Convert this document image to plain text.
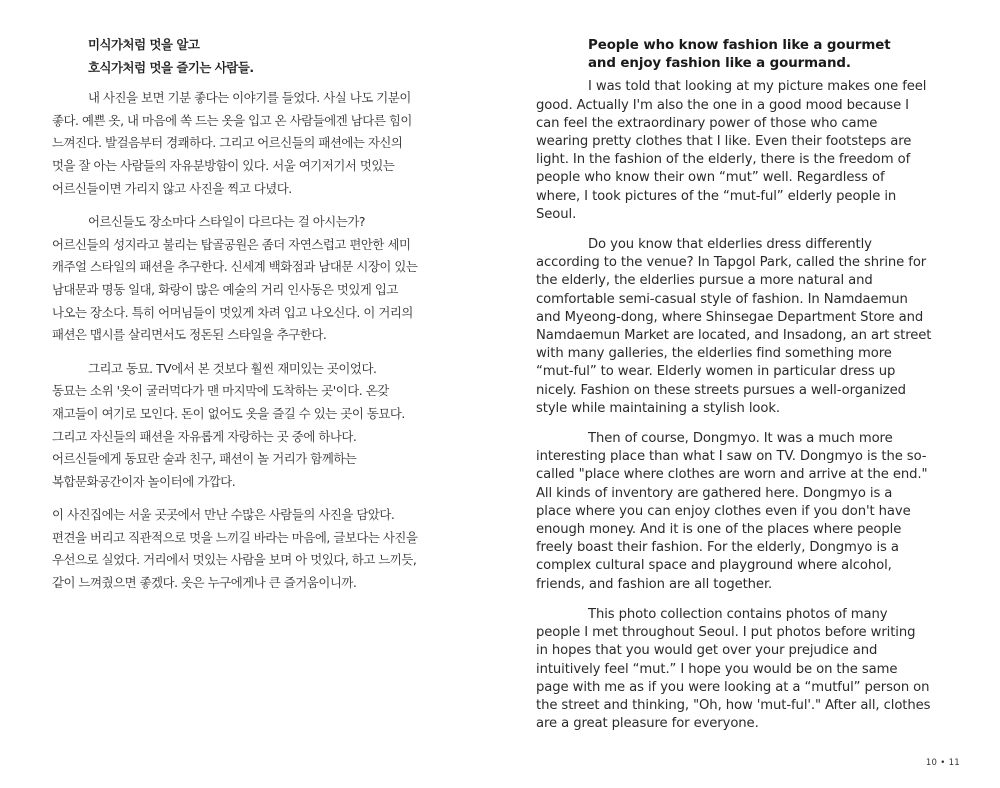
미식가처럼 멋을 알고
호식가처럼 멋을 즐기는 사람들.
내 사진을 보면 기분 좋다는 이야기를 들었다. 사실 나도 기분이
좋다. 예쁜 옷, 내 마음에 쏙 드는 옷을 입고 온 사람들에겐 남다른 힘이
느껴진다. 발걸음부터 경쾌하다. 그리고 어르신들의 패션에는 자신의
멋을 잘 아는 사람들의 자유분방함이 있다. 서울 여기저기서 멋있는
어르신들이면 가리지 않고 사진을 찍고 다녔다.
어르신들도 장소마다 스타일이 다르다는 걸 아시는가?
어르신들의 성지라고 불리는 탑골공원은 좀더 자연스럽고 편안한 세미
캐주얼 스타일의 패션을 추구한다. 신세계 백화점과 남대문 시장이 있는
남대문과 명동 일대, 화랑이 많은 예술의 거리 인사동은 멋있게 입고
나오는 장소다. 특히 어머님들이 멋있게 차려 입고 나오신다. 이 거리의
패션은 맵시를 살리면서도 정돈된 스타일을 추구한다.
그리고 동묘. TV에서 본 것보다 훨씬 재미있는 곳이었다.
동묘는 소위 '옷이 굴러먹다가 맨 마지막에 도착하는 곳'이다. 온갖
재고들이 여기로 모인다. 돈이 없어도 옷을 즐길 수 있는 곳이 동묘다.
그리고 자신들의 패션을 자유롭게 자랑하는 곳 중에 하나다.
어르신들에게 동묘란 술과 친구, 패션이 놀 거리가 함께하는
복합문화공간이자 놀이터에 가깝다.
이 사진집에는 서울 곳곳에서 만난 수많은 사람들의 사진을 담았다.
편견을 버리고 직관적으로 멋을 느끼길 바라는 마음에, 글보다는 사진을
우선으로 실었다. 거리에서 멋있는 사람을 보며 아 멋있다, 하고 느끼듯,
같이 느껴줬으면 좋겠다. 옷은 누구에게나 큰 즐거움이니까.
People who know fashion like a gourmet
and enjoy fashion like a gourmand.
I was told that looking at my picture makes one feel
good. Actually I'm also the one in a good mood because I
can feel the extraordinary power of those who came
wearing pretty clothes that I like. Even their footsteps are
light. In the fashion of the elderly, there is the freedom of
people who know their own “mut” well. Regardless of
where, I took pictures of the “mut-ful” elderly people in
Seoul.
Do you know that elderlies dress differently
according to the venue? In Tapgol Park, called the shrine for
the elderly, the elderlies pursue a more natural and
comfortable semi-casual style of fashion. In Namdaemun
and Myeong-dong, where Shinsegae Department Store and
Namdaemun Market are located, and Insadong, an art street
with many galleries, the elderlies find something more
“mut-ful” to wear. Elderly women in particular dress up
nicely. Fashion on these streets pursues a well-organized
style while maintaining a stylish look.
Then of course, Dongmyo. It was a much more
interesting place than what I saw on TV. Dongmyo is the so-
called "place where clothes are worn and arrive at the end."
All kinds of inventory are gathered here. Dongmyo is a
place where you can enjoy clothes even if you don't have
enough money. And it is one of the places where people
freely boast their fashion. For the elderly, Dongmyo is a
complex cultural space and playground where alcohol,
friends, and fashion are all together.
This photo collection contains photos of many
people I met throughout Seoul. I put photos before writing
in hopes that you would get over your prejudice and
intuitively feel “mut.” I hope you would be on the same
page with me as if you were looking at a “mutful” person on
the street and thinking, "Oh, how 'mut-ful'." After all, clothes
are a great pleasure for everyone.
10 • 11
